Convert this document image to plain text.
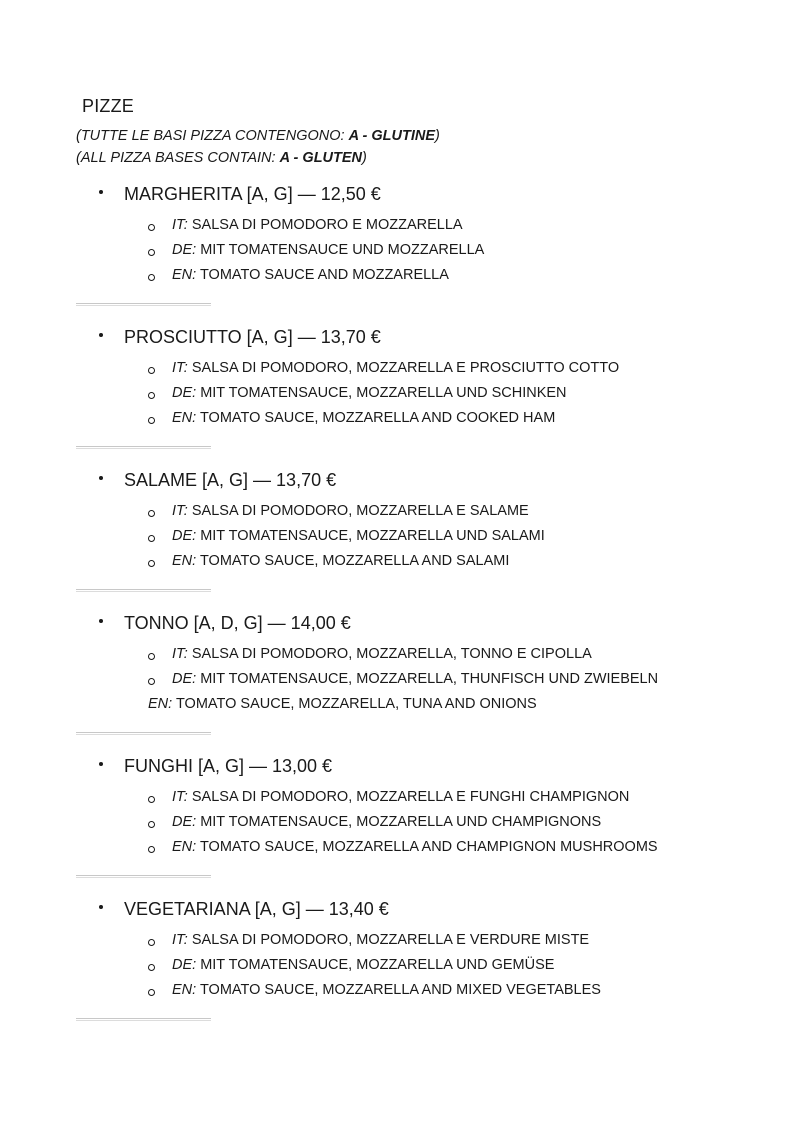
PIZZE
(TUTTE LE BASI PIZZA CONTENGONO: A - GLUTINE)
(ALL PIZZA BASES CONTAIN: A - GLUTEN)
MARGHERITA [A, G] — 12,50 €
IT: SALSA DI POMODORO E MOZZARELLA
DE: MIT TOMATENSAUCE UND MOZZARELLA
EN: TOMATO SAUCE AND MOZZARELLA
PROSCIUTTO [A, G] — 13,70 €
IT: SALSA DI POMODORO, MOZZARELLA E PROSCIUTTO COTTO
DE: MIT TOMATENSAUCE, MOZZARELLA UND SCHINKEN
EN: TOMATO SAUCE, MOZZARELLA AND COOKED HAM
SALAME [A, G] — 13,70 €
IT: SALSA DI POMODORO, MOZZARELLA E SALAME
DE: MIT TOMATENSAUCE, MOZZARELLA UND SALAMI
EN: TOMATO SAUCE, MOZZARELLA AND SALAMI
TONNO [A, D, G] — 14,00 €
IT: SALSA DI POMODORO, MOZZARELLA, TONNO E CIPOLLA
DE: MIT TOMATENSAUCE, MOZZARELLA, THUNFISCH UND ZWIEBELN
EN: TOMATO SAUCE, MOZZARELLA, TUNA AND ONIONS
FUNGHI [A, G] — 13,00 €
IT: SALSA DI POMODORO, MOZZARELLA E FUNGHI CHAMPIGNON
DE: MIT TOMATENSAUCE, MOZZARELLA UND CHAMPIGNONS
EN: TOMATO SAUCE, MOZZARELLA AND CHAMPIGNON MUSHROOMS
VEGETARIANA [A, G] — 13,40 €
IT: SALSA DI POMODORO, MOZZARELLA E VERDURE MISTE
DE: MIT TOMATENSAUCE, MOZZARELLA UND GEMÜSE
EN: TOMATO SAUCE, MOZZARELLA AND MIXED VEGETABLES
